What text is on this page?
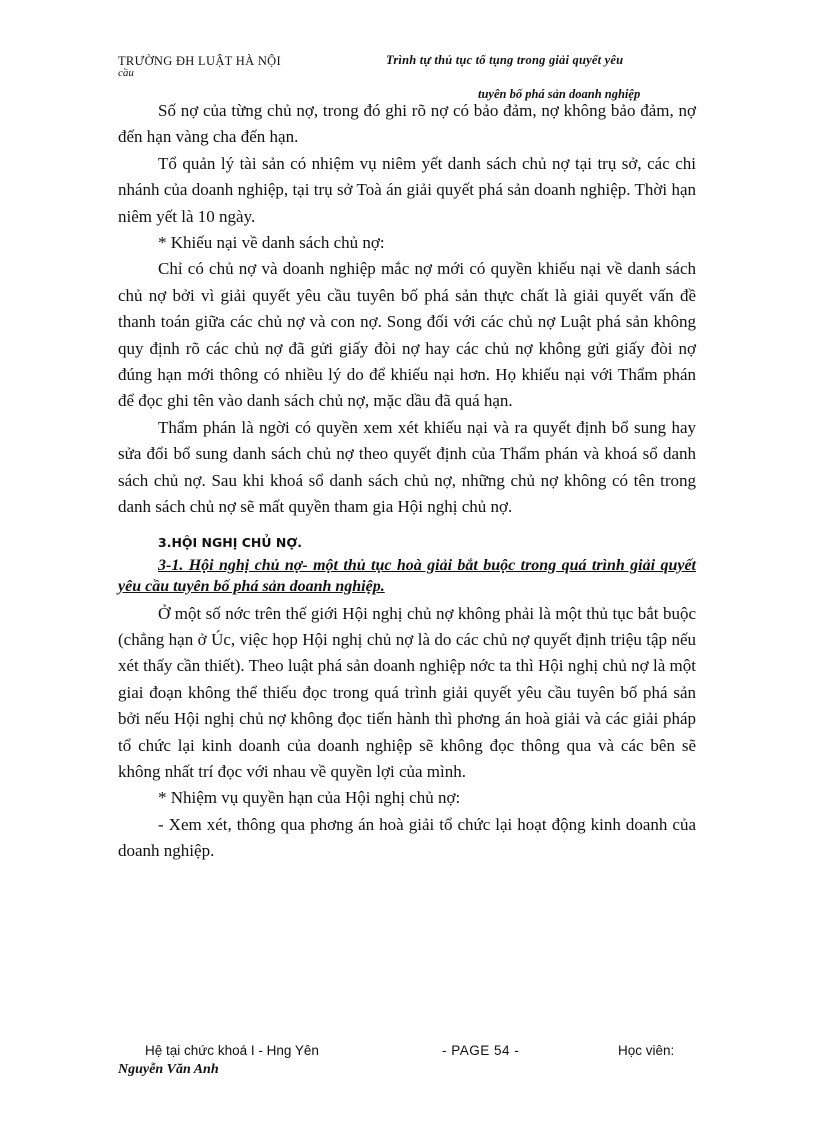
TRƯỜNG ĐH LUẬT HÀ NỘI
cầu
Trình tự thủ tục tố tụng trong giải quyết yêu
tuyên bố phá sản doanh nghiệp

Số nợ của từng chủ nợ, trong đó ghi rõ nợ có bảo đảm, nợ không bảo đảm, nợ đến hạn vàng cha đến hạn.

Tổ quản lý tài sản có nhiệm vụ niêm yết danh sách chủ nợ tại trụ sở, các chi nhánh của doanh nghiệp, tại trụ sở Toà án giải quyết phá sản doanh nghiệp. Thời hạn niêm yết là 10 ngày.

* Khiếu nại về danh sách chủ nợ:

Chỉ có chủ nợ và doanh nghiệp mắc nợ mới có quyền khiếu nại về danh sách chủ nợ bởi vì giải quyết yêu cầu tuyên bố phá sản thực chất là giải quyết vấn đề thanh toán giữa các chủ nợ và con nợ. Song đối với các chủ nợ Luật phá sản không quy định rõ các chủ nợ đã gửi giấy đòi nợ hay các chủ nợ không gửi giấy đòi nợ đúng hạn mới thông có nhiều lý do để khiếu nại hơn. Họ khiếu nại với Thẩm phán để đọc ghi tên vào danh sách chủ nợ, mặc dầu đã quá hạn.

Thẩm phán là ngời có quyền xem xét khiếu nại và ra quyết định bổ sung hay sửa đổi bổ sung danh sách chủ nợ theo quyết định của Thẩm phán và khoá sổ danh sách chủ nợ. Sau khi khoá sổ danh sách chủ nợ, những chủ nợ không có tên trong danh sách chủ nợ sẽ mất quyền tham gia Hội nghị chủ nợ.

3.HỘI NGHỊ CHỦ NỢ.
3-1. Hội nghị chủ nợ- một thủ tục hoà giải bắt buộc trong quá trình giải quyết yêu cầu tuyên bố phá sản doanh nghiệp.

Ở một số nớc trên thế giới Hội nghị chủ nợ không phải là một thủ tục bắt buộc (chẳng hạn ở Úc, việc họp Hội nghị chủ nợ là do các chủ nợ quyết định triệu tập nếu xét thấy cần thiết). Theo luật phá sản doanh nghiệp nớc ta thì Hội nghị chủ nợ là một giai đoạn không thể thiếu đọc trong quá trình giải quyết yêu cầu tuyên bố phá sản bởi nếu Hội nghị chủ nợ không đọc tiến hành thì phơng án hoà giải và các giải pháp tổ chức lại kinh doanh của doanh nghiệp sẽ không đọc thông qua và các bên sẽ không nhất trí đọc với nhau về quyền lợi của mình.

* Nhiệm vụ quyền hạn của Hội nghị chủ nợ:

- Xem xét, thông qua phơng án hoà giải tổ chức lại hoạt động kinh doanh của doanh nghiệp.

Hệ tại chức khoá I - Hng Yên	- PAGE 54 -	Học viên:
Nguyễn Văn Anh
